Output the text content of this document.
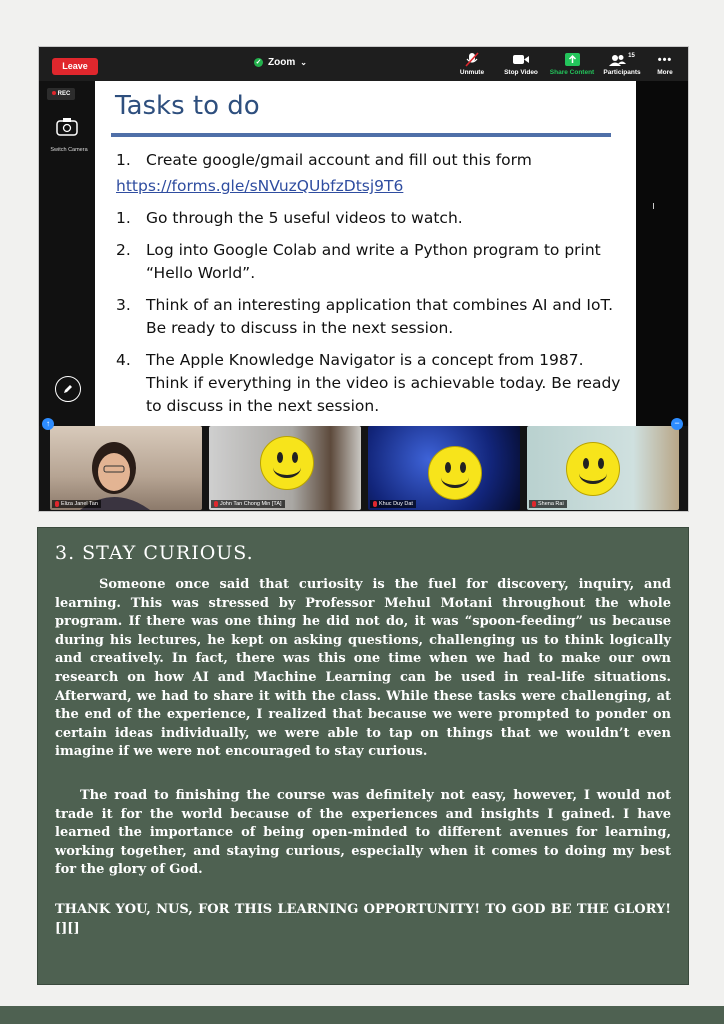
Leave	✓ Zoom ⌄
Unmute	Stop Video	Share Content
15
Participants
•••
More
REC
Switch Camera
Tasks to do
1. Create google/gmail account and fill out this form
https://forms.gle/sNVuzQUbfzDtsj9T6
1. Go through the 5 useful videos to watch.
2. Log into Google Colab and write a Python program to print “Hello World”.
3. Think of an interesting application that combines AI and IoT. Be ready to discuss in the next session.
4. The Apple Knowledge Navigator is a concept from 1987. Think if everything in the video is achievable today. Be ready to discuss in the next session.
Eliza Janel Tan	John Tan Chong Min [TA]	Khuc Duy Dat	Shena Rai
↑	−
3. STAY CURIOUS.

Someone once said that curiosity is the fuel for discovery, inquiry, and learning. This was stressed by Professor Mehul Motani throughout the whole program. If there was one thing he did not do, it was “spoon-feeding” us because during his lectures, he kept on asking questions, challenging us to think logically and creatively. In fact, there was this one time when we had to make our own research on how AI and Machine Learning can be used in real-life situations. Afterward, we had to share it with the class. While these tasks were challenging, at the end of the experience, I realized that because we were prompted to ponder on certain ideas individually, we were able to tap on things that we wouldn’t even imagine if we were not encouraged to stay curious.

The road to finishing the course was definitely not easy, however, I would not trade it for the world because of the experiences and insights I gained. I have learned the importance of being open-minded to different avenues for learning, working together, and staying curious, especially when it comes to doing my best for the glory of God.

THANK YOU, NUS, FOR THIS LEARNING OPPORTUNITY! TO GOD BE THE GLORY! [][]
